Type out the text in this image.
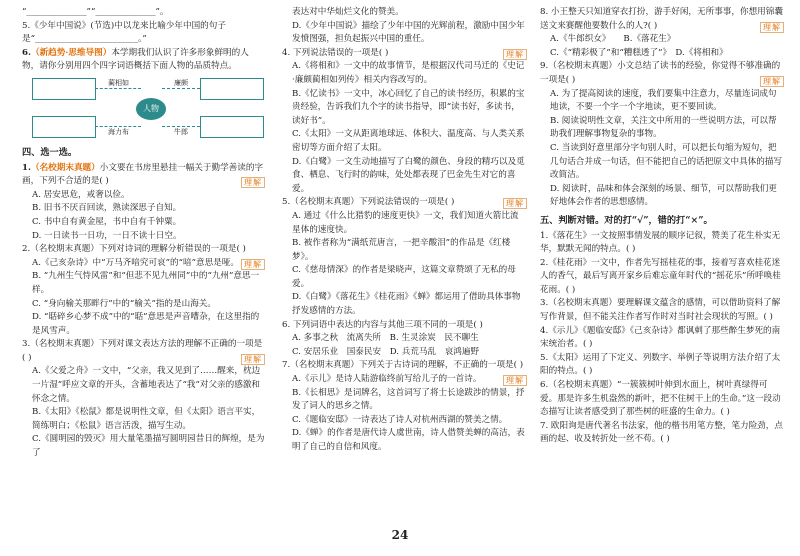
“______________”“______________”。

5.《少年中国说》(节选)中以龙来比喻少年中国的句子是“________________________。”

6.（新趋势·思维导图）本学期我们认识了许多形象鲜明的人物，请你分别用四个四字词语概括下面人物的品质特点。

蔺相如	廉颇
海力布	牛郎
人物

四、选一选。

1.（名校期末真题）小文要在书房里悬挂一幅关于勤学善读的字画，下列不合适的是( )	理解

A. 居安思危，戒奢以俭。

B. 旧书不厌百回读，熟读深思子自知。

C. 书中自有黄金屋，书中自有千钟粟。

D. 一日读书一日功，一日不读十日空。

2.（名校期末真题）下列对诗词的理解分析错误的一项是( )
理解

A.《己亥杂诗》中“万马齐喑究可哀”的“喑”意思是哑。

B. “九州生气恃风雷”和“但悲不见九州同”中的“九州”意思一样。

C. “身向榆关那畔行”中的“榆关”指的是山海关。

D. “聒碎乡心梦不成”中的“聒”意思是声音嘈杂，在这里指的是风雪声。

3.（名校期末真题）下列对课文表达方法的理解不正确的一项是( )	理解

A.《父爱之舟》一文中，“父亲，我又见到了……醒来，枕边一片湿”呼应文章的开头，含蓄地表达了“我”对父亲的感激和怀念之情。

B.《太阳》《松鼠》都是说明性文章，但《太阳》语言平实，简练明白；《松鼠》语言活泼，描写生动。

C.《圆明园的毁灭》用大量笔墨描写圆明园昔日的辉煌，是为了

表达对中华灿烂文化的赞美。

D.《少年中国说》描绘了少年中国的光辉前程，激励中国少年发愤图强，担负起振兴中国的重任。

4. 下列说法错误的一项是( )	理解

A.《将相和》一文中的故事情节，是根据汉代司马迁的《史记·廉颇蔺相如列传》相关内容改写的。

B.《忆读书》一文中，冰心回忆了自己的读书经历，积累的宝贵经验，告诉我们九个字的读书指导，即“读书好，多读书，读好书”。

C.《太阳》一文从距离地球远、体积大、温度高、与人类关系密切等方面介绍了太阳。

D.《白鹭》一文生动地描写了白鹭的颜色、身段的精巧以及觅食、栖息、飞行时的韵味，处处都表现了巴金先生对它的喜爱。

5.（名校期末真题）下列说法错误的一项是( )	理解

A. 通过《什么比猎豹的速度更快》一文，我们知道火箭比流星体的速度快。

B. 被作者称为“满纸荒唐言，一把辛酸泪”的作品是《红楼梦》。

C.《慈母情深》的作者是梁晓声，这篇文章赞颂了无私的母爱。

D.《白鹭》《落花生》《桂花雨》《蝉》都运用了借助具体事物抒发感情的方法。

6. 下列词语中表达的内容与其他三项不同的一项是( )

A. 多事之秋　流离失所　 B. 生灵涂炭　民不聊生

C. 安居乐业　国泰民安　 D. 兵荒马乱　哀鸿遍野

7.（名校期末真题）下列关于古诗词的理解，不正确的一项是( )
理解

A.《示儿》是诗人陆游临终前写给儿子的一首诗。

B.《长相思》是词牌名，这首词写了将士长途跋涉的情景，抒发了词人的思乡之情。

C.《题临安邸》一诗表达了诗人对杭州西湖的赞美之情。

D.《蝉》的作者是唐代诗人虞世南，诗人借赞美蝉的高洁，表明了自己的自信和风度。

8. 小王整天只知道穿衣打扮，游手好闲，无所事事，你想用锦囊送文来赛醒他要数什么的人?( )	理解

A.《牛郎织女》　　 B.《落花生》

C.《“精彩极了”和“糟糕透了”》　 D.《将相和》

9.（名校期末真题）小文总结了读书的经验，你觉得不够准确的一项是( )	理解

A. 为了提高阅读的速度，我们要集中注意力，尽量连词成句地读，不要一个字一个字地读，更不要回读。

B. 阅读说明性文章，关注文中所用的一些说明方法，可以帮助我们理解事物复杂的事物。

C. 当读到好意里部分字句别人时，可以把长句缩为短句，把几句话合并成一句话，但不能把自己的话把原文中具体的描写改简洁。

D. 阅读时，品味和体会深刻的场景、细节，可以帮助我们更好地体会作者的思想感情。

五、判断对错。对的打“√”，错的打“×”。

1.《落花生》一文按照事情发展的顺序记叙，赞美了花生朴实无华，默默无闻的特点。( )

2.《桂花雨》一文中，作者先写摇桂花的事，接着写喜欢桂花迷人的香气，最后写离开家乡后难忘童年时代的“摇花乐”所呼唤桂花雨。( )

3.（名校期末真题）要理解课文蕴含的感情，可以借助资料了解写作背景，但不能关注作者写作时对当时社会现状的写照。( )

4.《示儿》《题临安邸》《己亥杂诗》都讽刺了那些醉生梦死的南宋统治者。( )

5.《太阳》运用了下定义、列数字、举例子等说明方法介绍了太阳的特点。( )

6.（名校期末真题）“一簇簇树叶伸到水面上，树叶真绿得可爱。那是许多生机盎然的新叶，把不住树干上的生命。”这一段动态描写让读者感受到了那些树的旺盛的生命力。( )

7. 欧阳询是唐代著名书法家，他的楷书用笔方整，笔力险劲，点画的起、收及转折处一丝不苟。( )

24
